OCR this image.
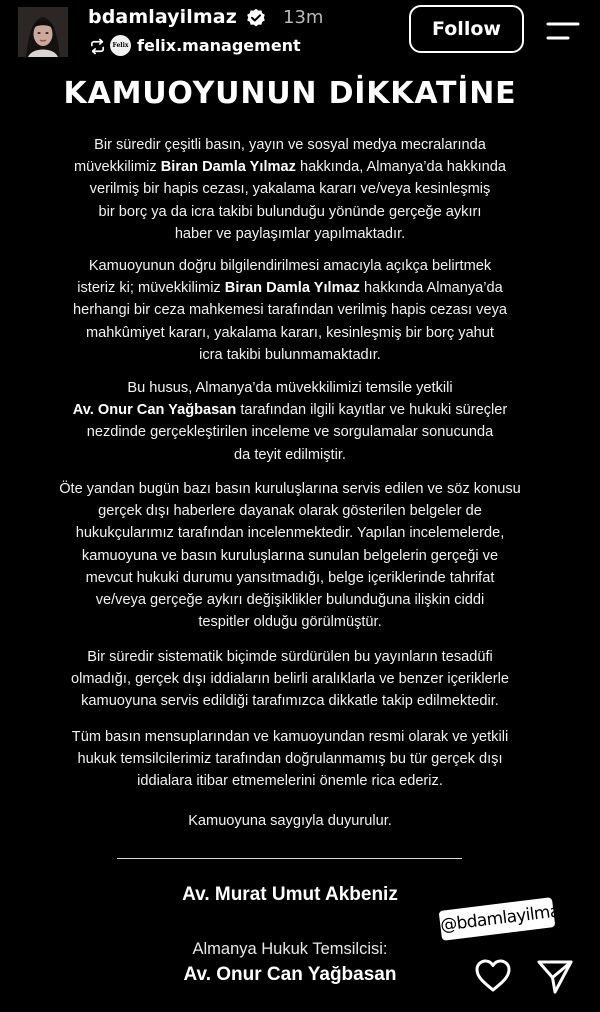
bdamlayilmaz	13m
Felix felix.management
Follow
KAMUOYUNUN DİKKATİNE
Bir süredir çeşitli basın, yayın ve sosyal medya mecralarında
müvekkilimiz Biran Damla Yılmaz hakkında, Almanya’da hakkında
verilmiş bir hapis cezası, yakalama kararı ve/veya kesinleşmiş
bir borç ya da icra takibi bulunduğu yönünde gerçeğe aykırı
haber ve paylaşımlar yapılmaktadır.
Kamuoyunun doğru bilgilendirilmesi amacıyla açıkça belirtmek
isteriz ki; müvekkilimiz Biran Damla Yılmaz hakkında Almanya’da
herhangi bir ceza mahkemesi tarafından verilmiş hapis cezası veya
mahkûmiyet kararı, yakalama kararı, kesinleşmiş bir borç yahut
icra takibi bulunmamaktadır.
Bu husus, Almanya’da müvekkilimizi temsile yetkili
Av. Onur Can Yağbasan tarafından ilgili kayıtlar ve hukuki süreçler
nezdinde gerçekleştirilen inceleme ve sorgulamalar sonucunda
da teyit edilmiştir.
Öte yandan bugün bazı basın kuruluşlarına servis edilen ve söz konusu
gerçek dışı haberlere dayanak olarak gösterilen belgeler de
hukukçularımız tarafından incelenmektedir. Yapılan incelemelerde,
kamuoyuna ve basın kuruluşlarına sunulan belgelerin gerçeği ve
mevcut hukuki durumu yansıtmadığı, belge içeriklerinde tahrifat
ve/veya gerçeğe aykırı değişiklikler bulunduğuna ilişkin ciddi
tespitler olduğu görülmüştür.
Bir süredir sistematik biçimde sürdürülen bu yayınların tesadüfi
olmadığı, gerçek dışı iddiaların belirli aralıklarla ve benzer içeriklerle
kamuoyuna servis edildiği tarafımızca dikkatle takip edilmektedir.
Tüm basın mensuplarından ve kamuoyundan resmi olarak ve yetkili
hukuk temsilcilerimiz tarafından doğrulanmamış bu tür gerçek dışı
iddialara itibar etmemelerini önemle rica ederiz.
Kamuoyuna saygıyla duyurulur.
Av. Murat Umut Akbeniz
Almanya Hukuk Temsilcisi:
Av. Onur Can Yağbasan
@bdamlayilmaz
